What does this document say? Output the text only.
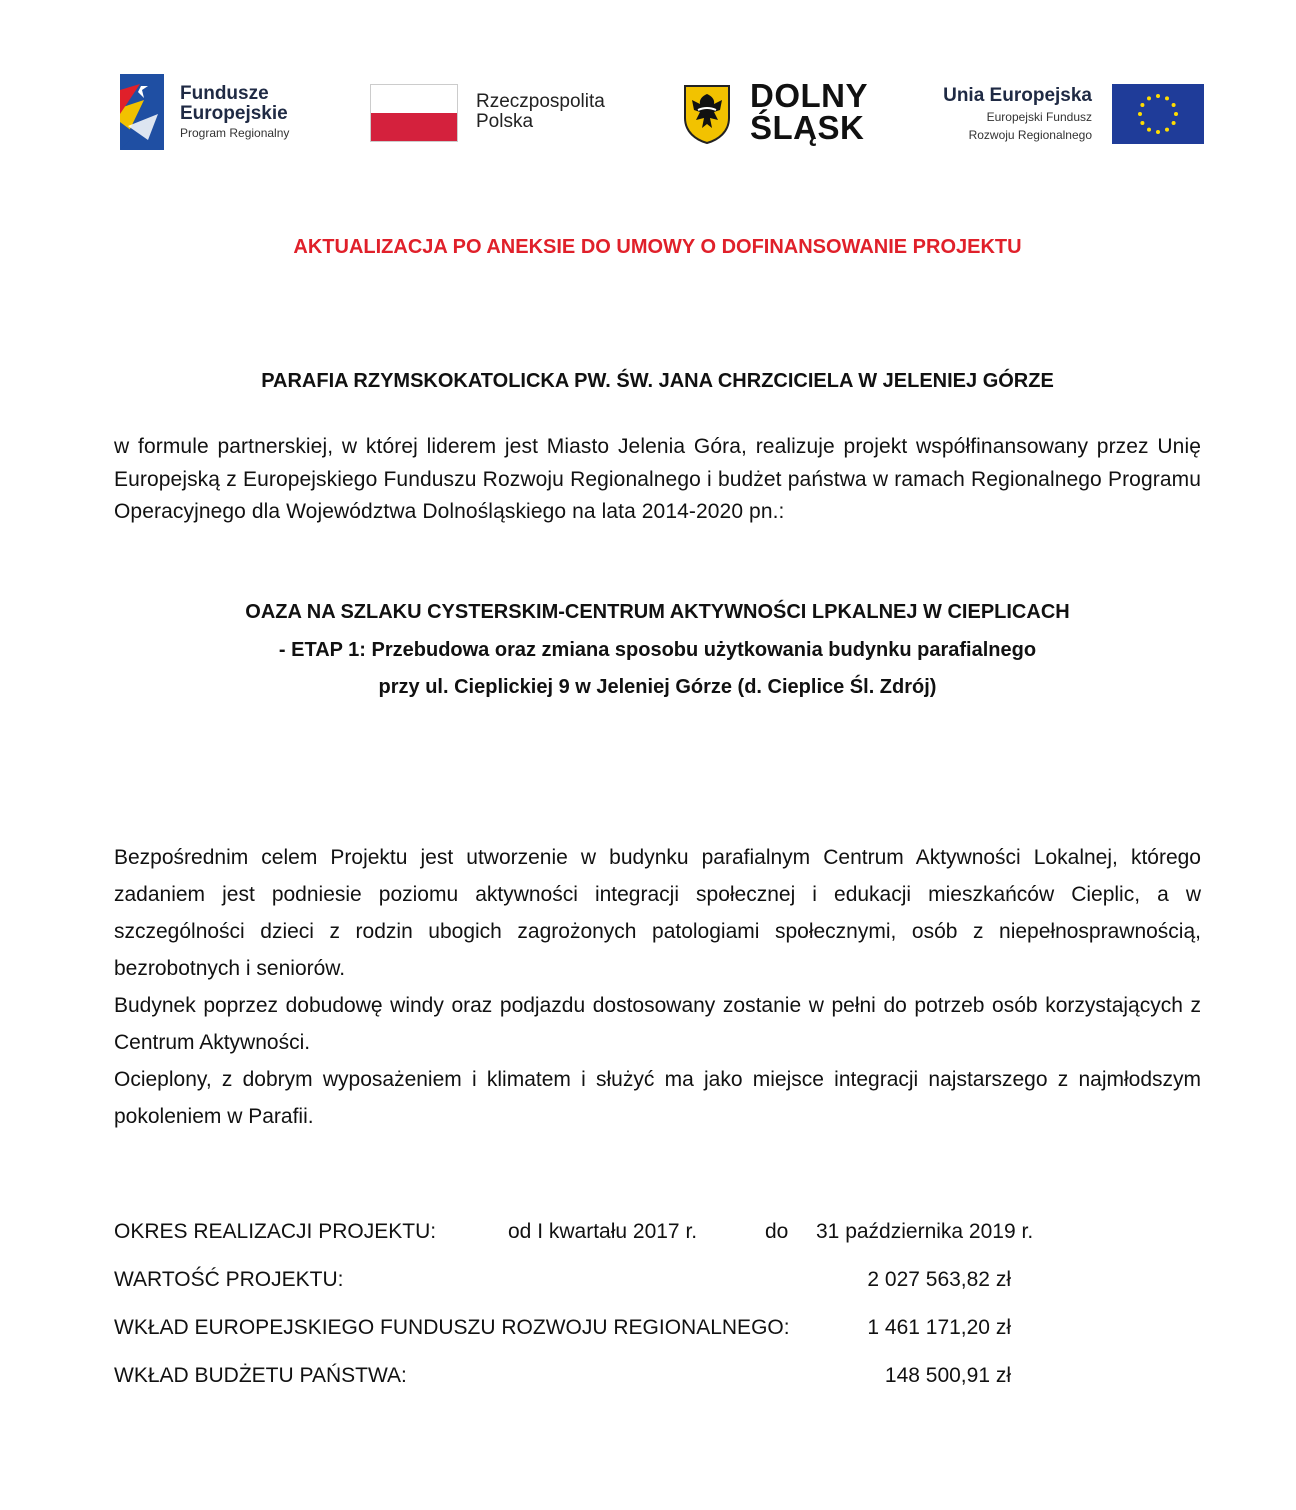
Fundusze
Europejskie
Program Regionalny
Rzeczpospolita
Polska
DOLNY
ŚLĄSK
Unia Europejska
Europejski Fundusz
Rozwoju Regionalnego
AKTUALIZACJA PO ANEKSIE DO UMOWY O DOFINANSOWANIE PROJEKTU
PARAFIA RZYMSKOKATOLICKA PW. ŚW. JANA CHRZCICIELA W JELENIEJ GÓRZE
w formule partnerskiej, w której liderem jest Miasto Jelenia Góra, realizuje projekt współfinansowany przez Unię Europejską z Europejskiego Funduszu Rozwoju Regionalnego i budżet państwa w ramach Regionalnego Programu Operacyjnego dla Województwa Dolnośląskiego na lata 2014-2020 pn.:
OAZA NA SZLAKU CYSTERSKIM-CENTRUM AKTYWNOŚCI LPKALNEJ W CIEPLICACH
- ETAP 1: Przebudowa oraz zmiana sposobu użytkowania budynku parafialnego
przy ul. Cieplickiej 9 w Jeleniej Górze (d. Cieplice Śl. Zdrój)

Bezpośrednim celem Projektu jest utworzenie w budynku parafialnym Centrum Aktywności Lokalnej, którego zadaniem jest podniesie poziomu aktywności integracji społecznej i edukacji mieszkańców Cieplic, a w szczególności dzieci z rodzin ubogich zagrożonych patologiami społecznymi, osób z niepełnosprawnością, bezrobotnych i seniorów.

Budynek poprzez dobudowę windy oraz podjazdu dostosowany zostanie w pełni do potrzeb osób korzystających z Centrum Aktywności.

Ocieplony, z dobrym wyposażeniem i klimatem i służyć ma jako miejsce integracji najstarszego z najmłodszym pokoleniem w Parafii.

OKRES REALIZACJI PROJEKTU:	od I kwartału 2017 r.	do 31 października 2019 r.
WARTOŚĆ PROJEKTU:	2 027 563,82 zł
WKŁAD EUROPEJSKIEGO FUNDUSZU ROZWOJU REGIONALNEGO:	1 461 171,20 zł
WKŁAD BUDŻETU PAŃSTWA:	148 500,91 zł
